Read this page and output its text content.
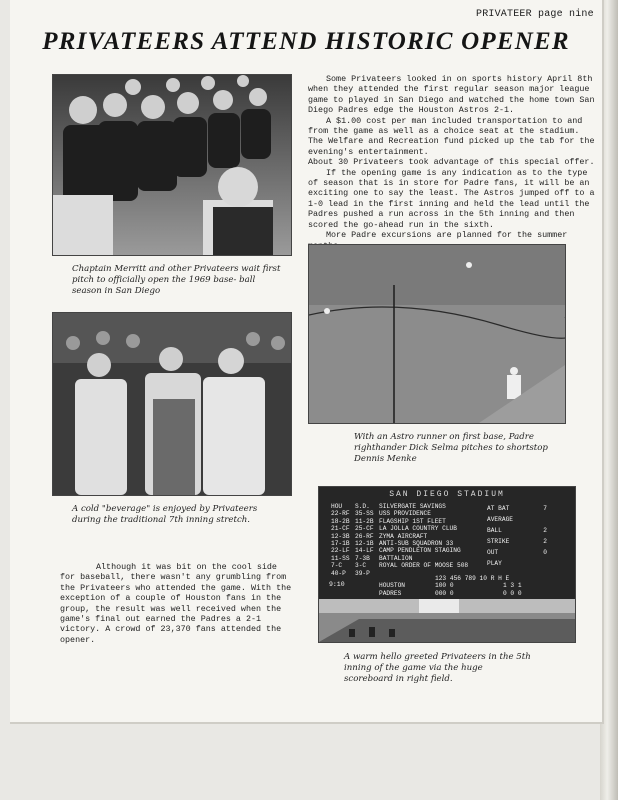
PRIVATEER page nine
PRIVATEERS ATTEND HISTORIC OPENER
Chaptain Merritt and other Privateers wait first pitch to officially open the 1969 base- ball season in San Diego

Some Privateers looked in on sports history April 8th when they attended the first regular season major league game to played in San Diego and watched the home town San Diego Padres edge the Houston Astros 2-1.

A $1.00 cost per man included transportation to and from the game as well as a choice seat at the stadium. The Welfare and Recreation fund picked up the tab for the evening's entertainment.

About 30 Privateers took advantage of this special offer.

If the opening game is any indication as to the type of season that is in store for Padre fans, it will be an exciting one to say the least. The Astros jumped off to a 1-0 lead in the first inning and held the lead until the Padres pushed a run across in the 5th inning and then scored the go-ahead run in the sixth.

More Padre excursions are planned for the summer

A cold "beverage" is enjoyed by Privateers during the traditional 7th inning stretch.
With an Astro runner on first base, Padre righthander Dick Selma pitches to shortstop Dennis Menke
SAN DIEGO STADIUM
HOU	S.D.	SILVERGATE SAVINGS
22-RF 35-SS USS PROVIDENCE
18-2B 11-2B FLAGSHIP 1ST FLEET
21-CF 25-CF LA JOLLA COUNTRY CLUB
12-3B 26-RF ZYMA AIRCRAFT
17-1B 12-1B ANTI-SUB SQUADRON 33
22-LF 14-LF CAMP PENDLETON STAGING
11-SS 7-3B	BATTALION
7-C	3-C	ROYAL ORDER OF MOOSE 508
40-P	39-P
AT BAT	7
AVERAGE
BALL	2
STRIKE	2
OUT	0
PLAY
9:10
123 456 789 10 R H E
HOUSTON	100 0	1 3 1
PADRES	000 0	0 0 0
A warm hello greeted Privateers in the 5th inning of the game via the huge scoreboard in right field.

Although it was bit on the cool side for baseball, there wasn't any grumbling from the Privateers who attended the game. With the exception of a couple of Houston fans in the group, the result was well received when the game's final out earned the Padres a 2-1 victory. A crowd of 23,370 fans attended the opener.
